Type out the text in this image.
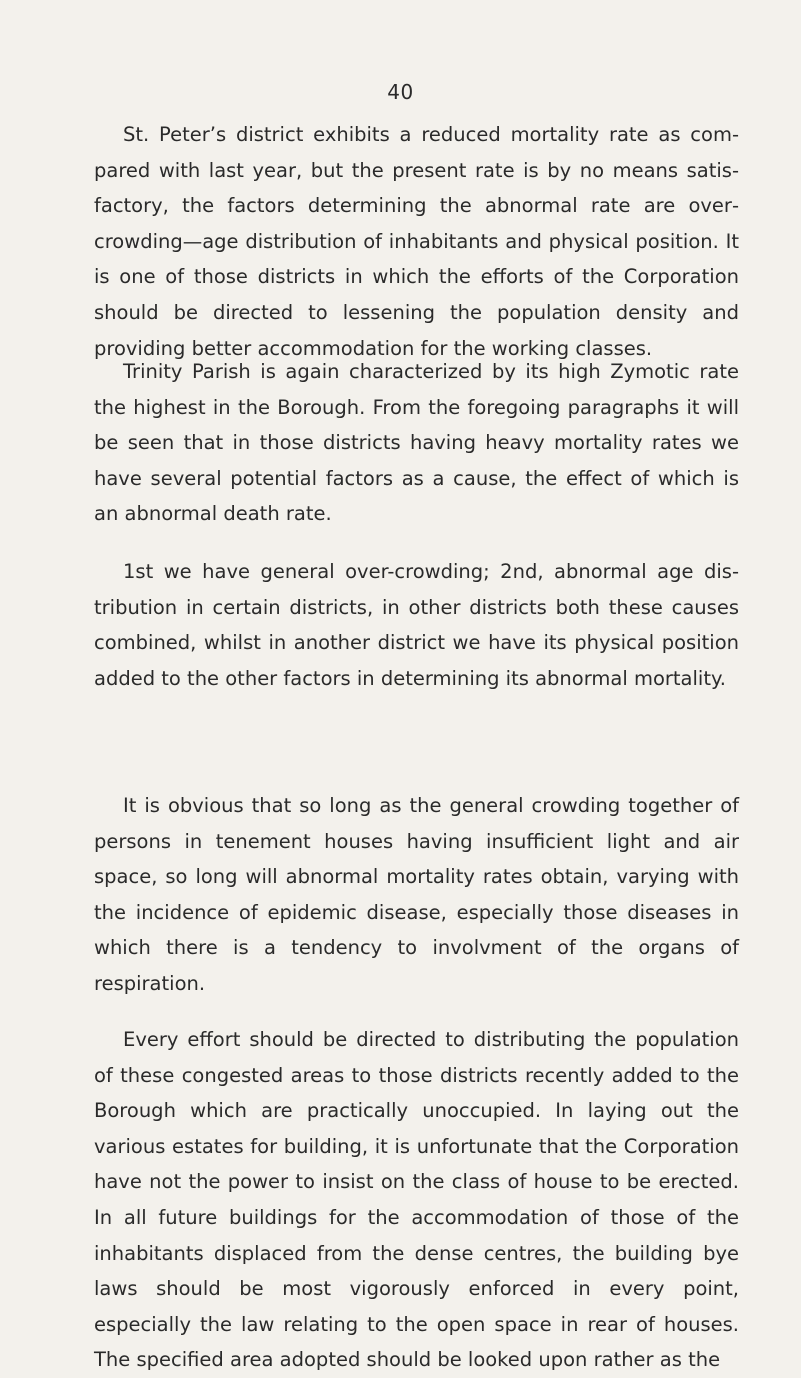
40

St. Peter’s district exhibits a reduced mortality rate as compared with last year, but the present rate is by no means satisfactory, the factors determining the abnormal rate are overcrowding—age distribution of inhabitants and physical position. It is one of those districts in which the efforts of the Corporation should be directed to lessening the population density and providing better accommodation for the working classes.

Trinity Parish is again characterized by its high Zymotic rate the highest in the Borough. From the foregoing paragraphs it will be seen that in those districts having heavy mortality rates we have several potential factors as a cause, the effect of which is an abnormal death rate.

1st we have general over-crowding; 2nd, abnormal age distribution in certain districts, in other districts both these causes combined, whilst in another district we have its physical position added to the other factors in determining its abnormal mortality.

It is obvious that so long as the general crowding together of persons in tenement houses having insufficient light and air space, so long will abnormal mortality rates obtain, varying with the incidence of epidemic disease, especially those diseases in which there is a tendency to involvment of the organs of respiration.

Every effort should be directed to distributing the population of these congested areas to those districts recently added to the Borough which are practically unoccupied. In laying out the various estates for building, it is unfortunate that the Corporation have not the power to insist on the class of house to be erected. In all future buildings for the accommodation of those of the inhabitants displaced from the dense centres, the building bye laws should be most vigorously enforced in every point, especially the law relating to the open space in rear of houses. The specified area adopted should be looked upon rather as the
